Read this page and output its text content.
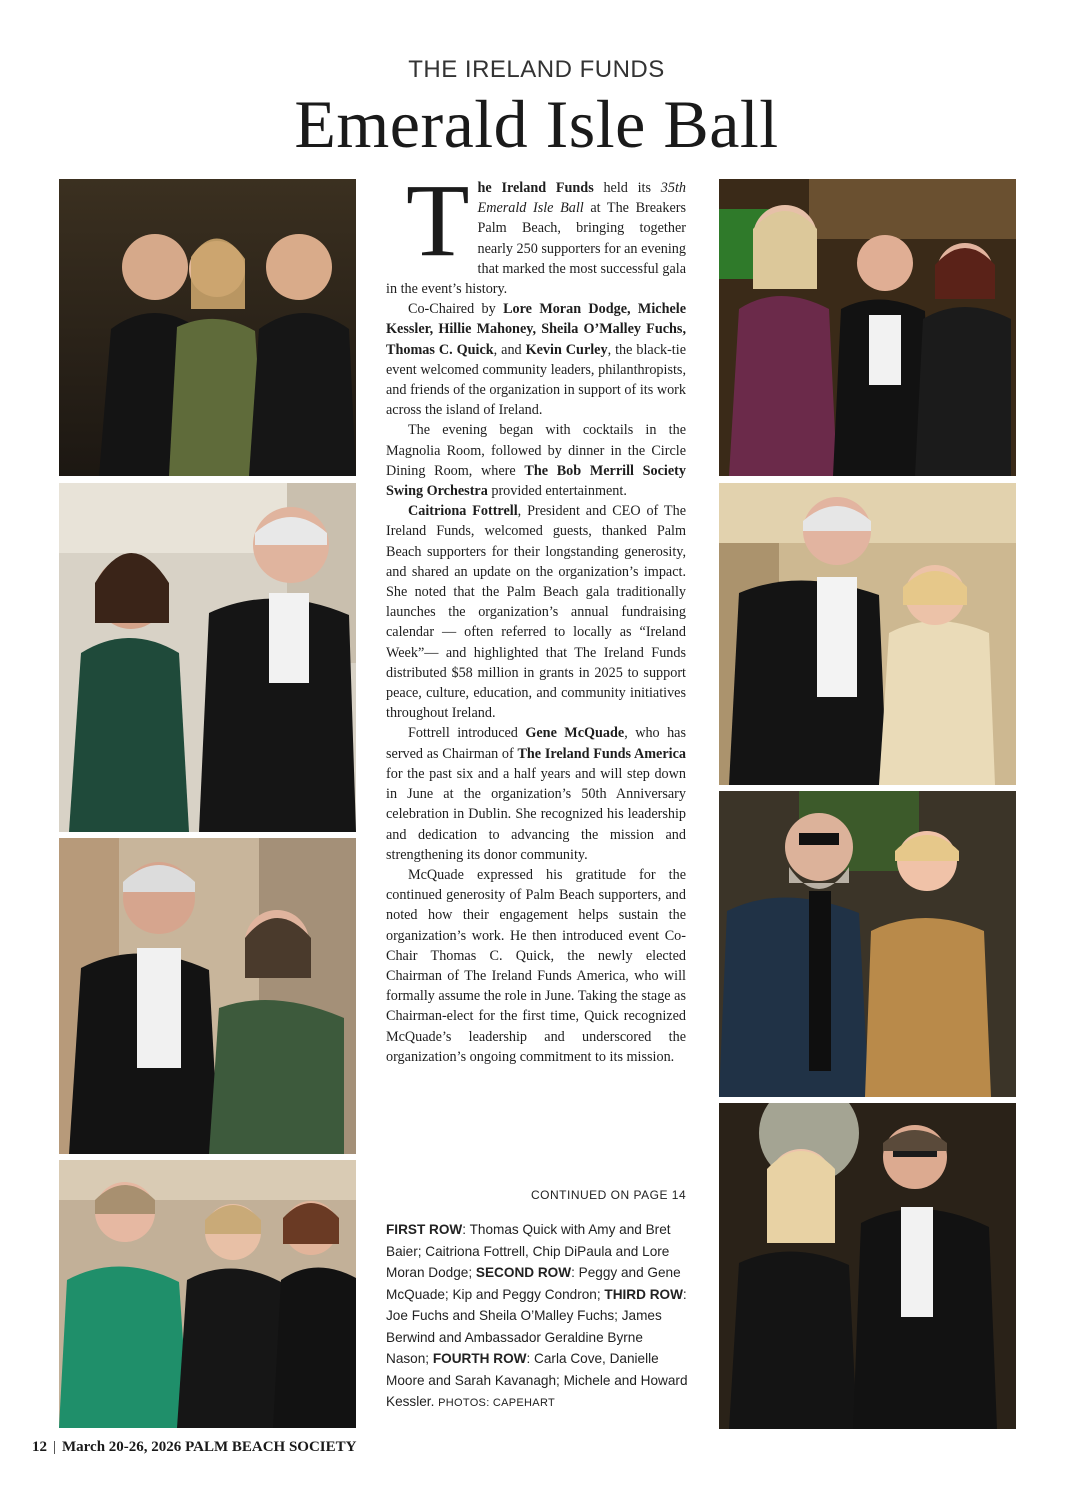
THE IRELAND FUNDS
Emerald Isle Ball

The Ireland Funds held its 35th Emerald Isle Ball at The Breakers Palm Beach, bringing together nearly 250 supporters for an evening that marked the most successful gala in the event’s history.

Co-Chaired by Lore Moran Dodge, Michele Kessler, Hillie Mahoney, Sheila O’Malley Fuchs, Thomas C. Quick, and Kevin Curley, the black-tie event welcomed community leaders, philanthropists, and friends of the organization in support of its work across the island of Ireland.

The evening began with cocktails in the Magnolia Room, followed by dinner in the Circle Dining Room, where The Bob Merrill Society Swing Orchestra provided entertainment.

Caitriona Fottrell, President and CEO of The Ireland Funds, welcomed guests, thanked Palm Beach supporters for their longstanding generosity, and shared an update on the organization’s impact. She noted that the Palm Beach gala traditionally launches the organization’s annual fundraising calendar — often referred to locally as “Ireland Week”— and highlighted that The Ireland Funds distributed $58 million in grants in 2025 to support peace, culture, education, and community initiatives throughout Ireland.

Fottrell introduced Gene McQuade, who has served as Chairman of The Ireland Funds America for the past six and a half years and will step down in June at the organization’s 50th Anniversary celebration in Dublin. She recognized his leadership and dedication to advancing the mission and strengthening its donor community.

McQuade expressed his gratitude for the continued generosity of Palm Beach supporters, and noted how their engagement helps sustain the organization’s work. He then introduced event Co-Chair Thomas C. Quick, the newly elected Chairman of The Ireland Funds America, who will formally assume the role in June. Taking the stage as Chairman-elect for the first time, Quick recognized McQuade’s leadership and underscored the organization’s ongoing commitment to its mission.

CONTINUED ON PAGE 14
FIRST ROW: Thomas Quick with Amy and Bret Baier; Caitriona Fottrell, Chip DiPaula and Lore Moran Dodge; SECOND ROW: Peggy and Gene McQuade; Kip and Peggy Condron; THIRD ROW: Joe Fuchs and Sheila O’Malley Fuchs; James Berwind and Ambassador Geraldine Byrne Nason; FOURTH ROW: Carla Cove, Danielle Moore and Sarah Kavanagh; Michele and Howard Kessler. PHOTOS: CAPEHART
12 | March 20-26, 2026 PALM BEACH SOCIETY
